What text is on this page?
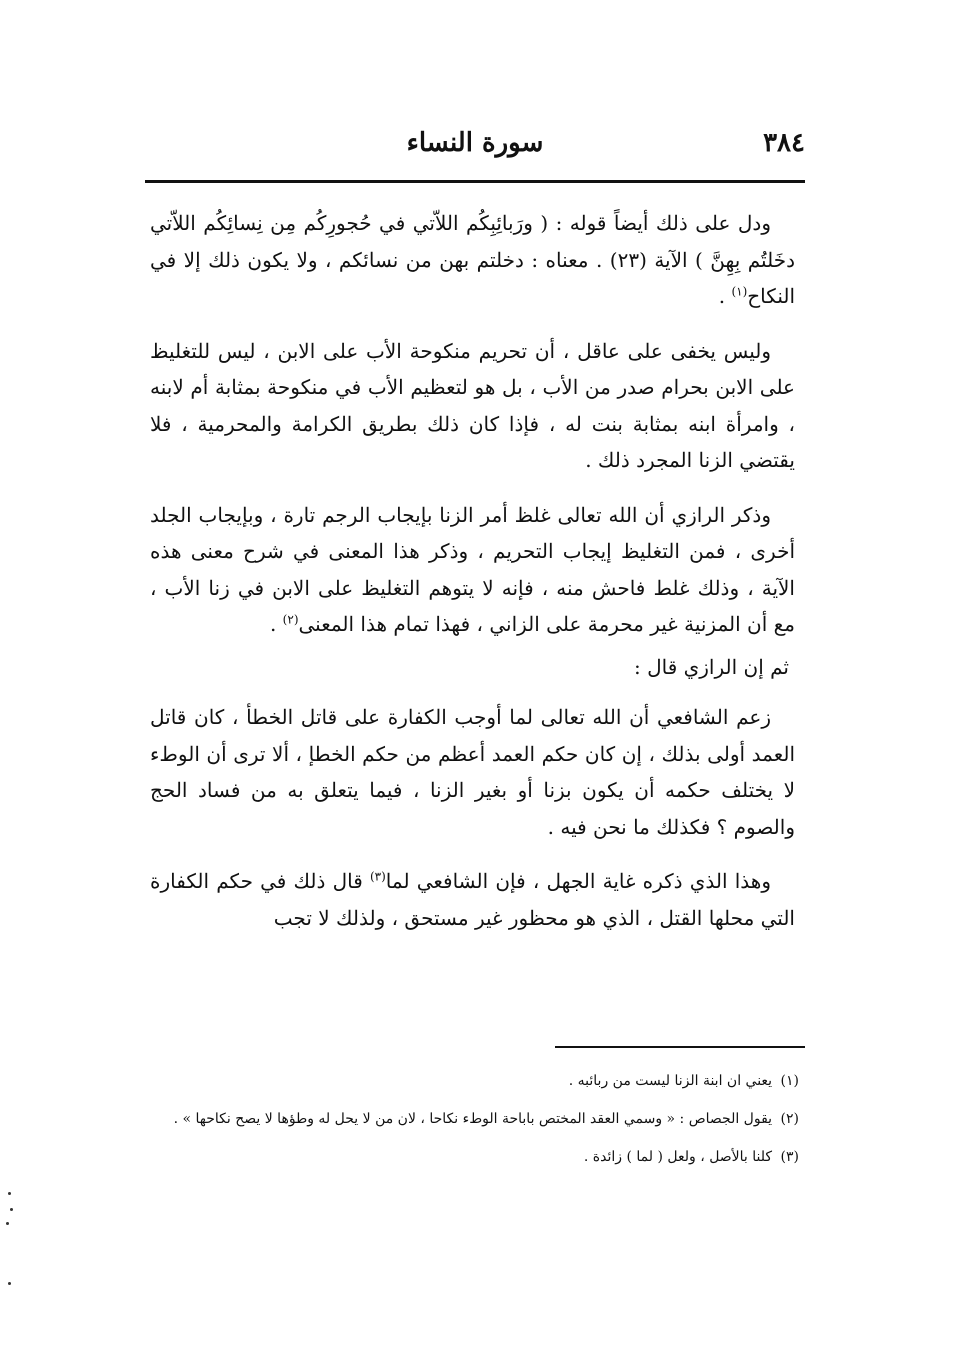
٣٨٤
سورة النساء

ودل على ذلك أيضاً قوله : ( ورَبائِبِكُم اللاّتي في حُجورِكُم مِن نِسائِكُم اللاّتي دخَلتُم بِهِنَّ ) الآية (٢٣) . معناه : دخلتم بهن من نسائكم ، ولا يكون ذلك إلا في النكاح$^{(١)}$ .

وليس يخفى على عاقل ، أن تحريم منكوحة الأب على الابن ، ليس للتغليظ على الابن بحرام صدر من الأب ، بل هو لتعظيم الأب في منكوحة بمثابة أم لابنه ، وامرأة ابنه بمثابة بنت له ، فإذا كان ذلك بطريق الكرامة والمحرمية ، فلا يقتضي الزنا المجرد ذلك .

وذكر الرازي أن الله تعالى غلظ أمر الزنا بإيجاب الرجم تارة ، وبإيجاب الجلد أخرى ، فمن التغليظ إيجاب التحريم ، وذكر هذا المعنى في شرح معنى هذه الآية ، وذلك غلط فاحش منه ، فإنه لا يتوهم التغليظ على الابن في زنا الأب ، مع أن المزنية غير محرمة على الزاني ، فهذا تمام هذا المعنى$^{(٢)}$ .

ثم إن الرازي قال :

زعم الشافعي أن الله تعالى لما أوجب الكفارة على قاتل الخطأ ، كان قاتل العمد أولى بذلك ، إن كان حكم العمد أعظم من حكم الخطإ ، ألا ترى أن الوطء لا يختلف حكمه أن يكون بزنا أو بغير الزنا ، فيما يتعلق به من فساد الحج والصوم ؟ فكذلك ما نحن فيه .

وهذا الذي ذكره غاية الجهل ، فإن الشافعي لما$^{(٣)}$ قال ذلك في حكم الكفارة التي محلها القتل ، الذي هو محظور غير مستحق ، ولذلك لا تجب

(١) يعني ان ابنة الزنا ليست من ربائبه .
(٢) يقول الجصاص : « وسمي العقد المختص باباحة الوطء نكاحا ، لان من لا يحل له وطؤها لا يصح نكاحها » .
(٣) كلنا بالأصل ، ولعل ( لما ) زائدة .
